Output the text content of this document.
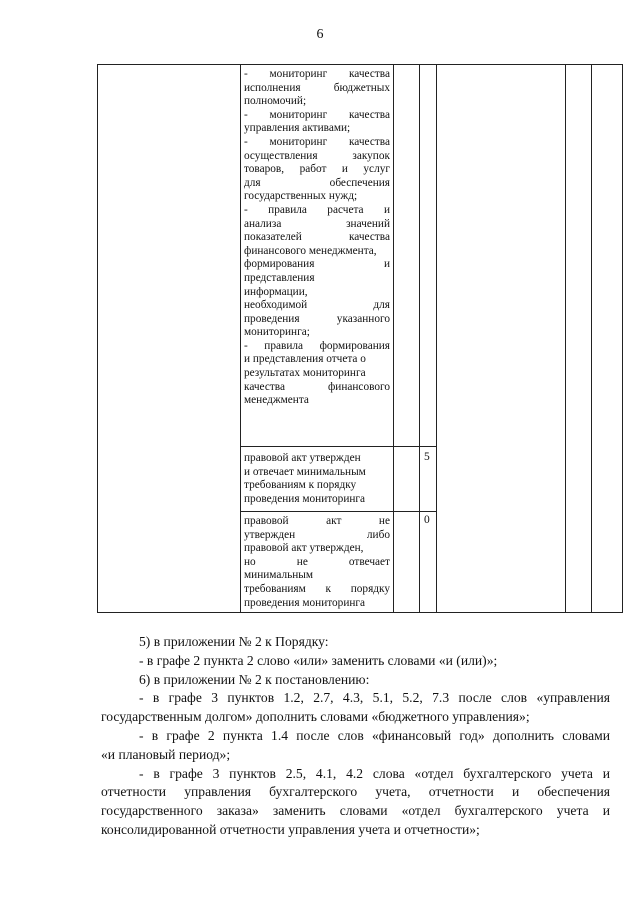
6
- мониторинг качества
исполнения бюджетных
полномочий;
- мониторинг качества
управления активами;
- мониторинг качества
осуществления закупок
товаров, работ и услуг
для обеспечения
государственных нужд;
- правила расчета и
анализа значений
показателей качества
финансового менеджмента,
формирования и
представления
информации,
необходимой для
проведения указанного
мониторинга;
- правила формирования
и представления отчета о
результатах мониторинга
качества финансового
менеджмента
правовой акт утвержден
и отвечает минимальным
требованиям к порядку
проведения мониторинга
5
правовой акт не
утвержден либо
правовой акт утвержден,
но не отвечает
минимальным
требованиям к порядку
проведения мониторинга
0
5) в приложении № 2 к Порядку:
- в графе 2 пункта 2 слово «или» заменить словами «и (или)»;
6) в приложении № 2 к постановлению:
- в графе 3 пунктов 1.2, 2.7, 4.3, 5.1, 5.2, 7.3 после слов «управления
государственным долгом» дополнить словами «бюджетного управления»;
- в графе 2 пункта 1.4 после слов «финансовый год» дополнить словами
«и плановый период»;
- в графе 3 пунктов 2.5, 4.1, 4.2 слова «отдел бухгалтерского учета и
отчетности управления бухгалтерского учета, отчетности и обеспечения
государственного заказа» заменить словами «отдел бухгалтерского учета и
консолидированной отчетности управления учета и отчетности»;
